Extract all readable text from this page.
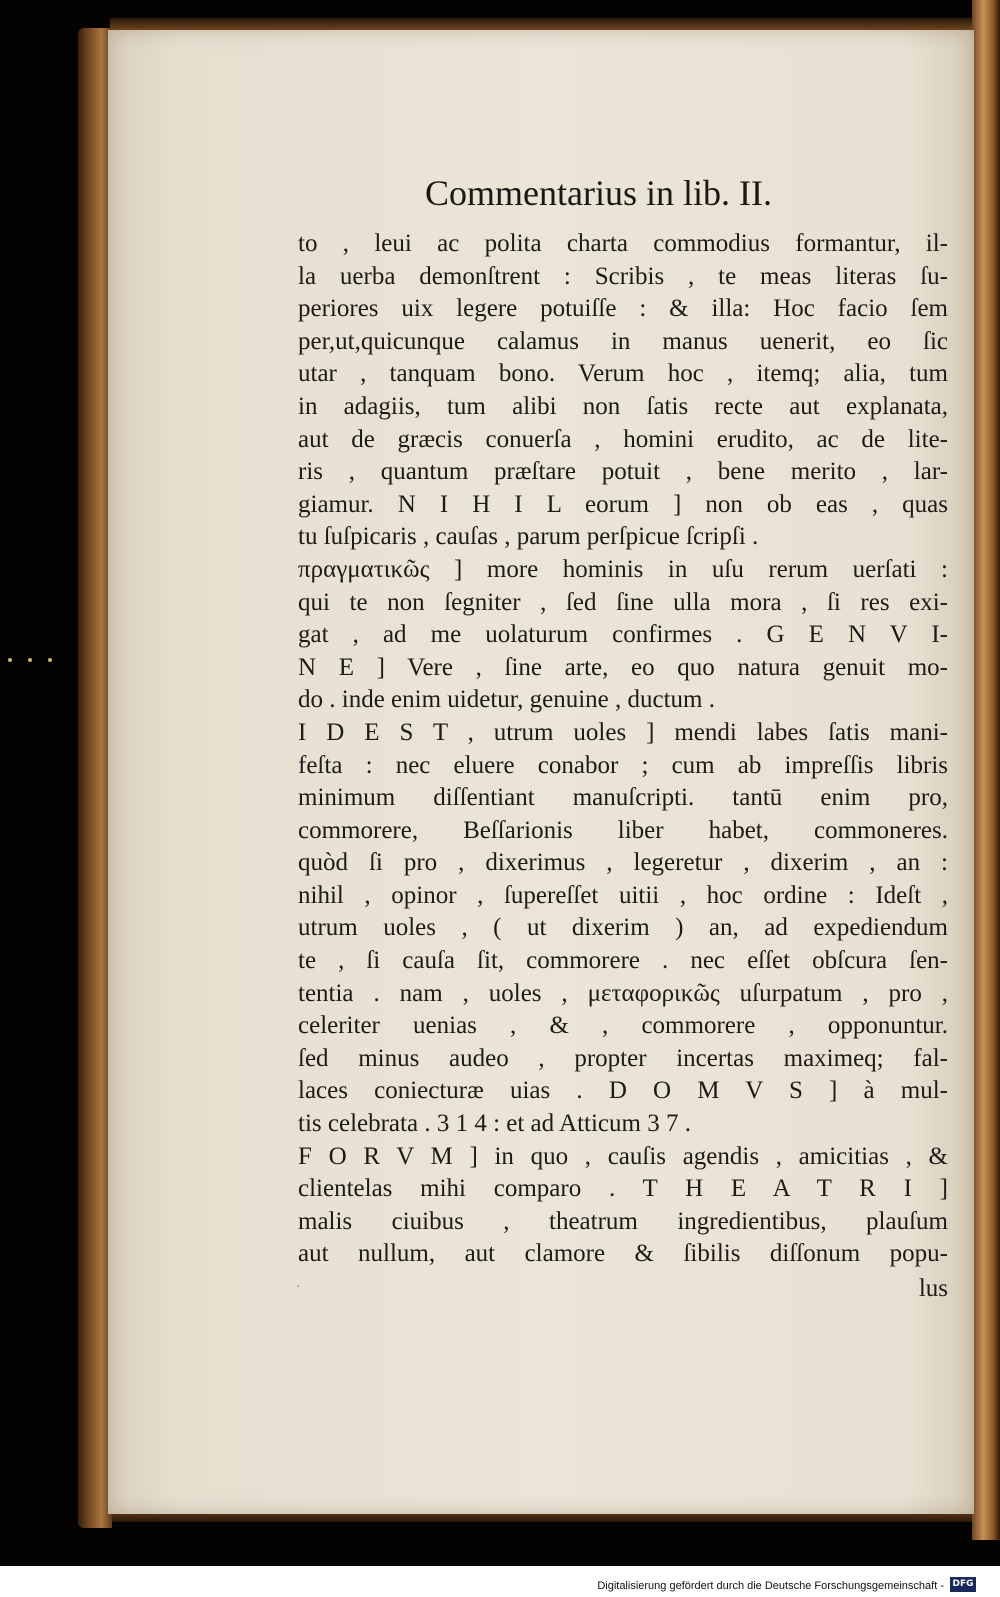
Commentarius in lib. II.
to , leui ac polita charta commodius formantur, il-
la uerba demonſtrent : Scribis , te meas literas ſu-
periores uix legere potuiſſe : & illa: Hoc facio ſem
per,ut,quicunque calamus in manus uenerit, eo ſic
utar , tanquam bono. Verum hoc , itemq; alia, tum
in adagiis, tum alibi non ſatis recte aut explanata,
aut de græcis conuerſa , homini erudito, ac de lite-
ris , quantum præſtare potuit , bene merito , lar-
giamur. N I H I L eorum ] non ob eas , quas
tu ſuſpicaris , cauſas , parum perſpicue ſcripſi .
πραγματικῶς ] more hominis in uſu rerum uerſati :
qui te non ſegniter , ſed ſine ulla mora , ſi res exi-
gat , ad me uolaturum confirmes . G E N V I-
N E ] Vere , ſine arte, eo quo natura genuit mo-
do . inde enim uidetur, genuine , ductum .
I D E S T , utrum uoles ] mendi labes ſatis mani-
feſta : nec eluere conabor ; cum ab impreſſis libris
minimum diſſentiant manuſcripti. tantū enim pro,
commorere, Beſſarionis liber habet, commoneres.
quòd ſi pro , dixerimus , legeretur , dixerim , an :
nihil , opinor , ſupereſſet uitii , hoc ordine : Ideſt ,
utrum uoles , ( ut dixerim ) an, ad expediendum
te , ſi cauſa ſit, commorere . nec eſſet obſcura ſen-
tentia . nam , uoles , μεταφορικῶς uſurpatum , pro ,
celeriter uenias , & , commorere , opponuntur.
ſed minus audeo , propter incertas maximeq; fal-
laces coniecturæ uias . D O M V S ] à mul-
tis celebrata . 3 1 4 : et ad Atticum 3 7 .
F O R V M ] in quo , cauſis agendis , amicitias , &
clientelas mihi comparo . T H E A T R I ]
malis ciuibus , theatrum ingredientibus, plauſum
aut nullum, aut clamore & ſibilis diſſonum popu-
·	lus
Digitalisierung gefördert durch die Deutsche Forschungsgemeinschaft - DFG
